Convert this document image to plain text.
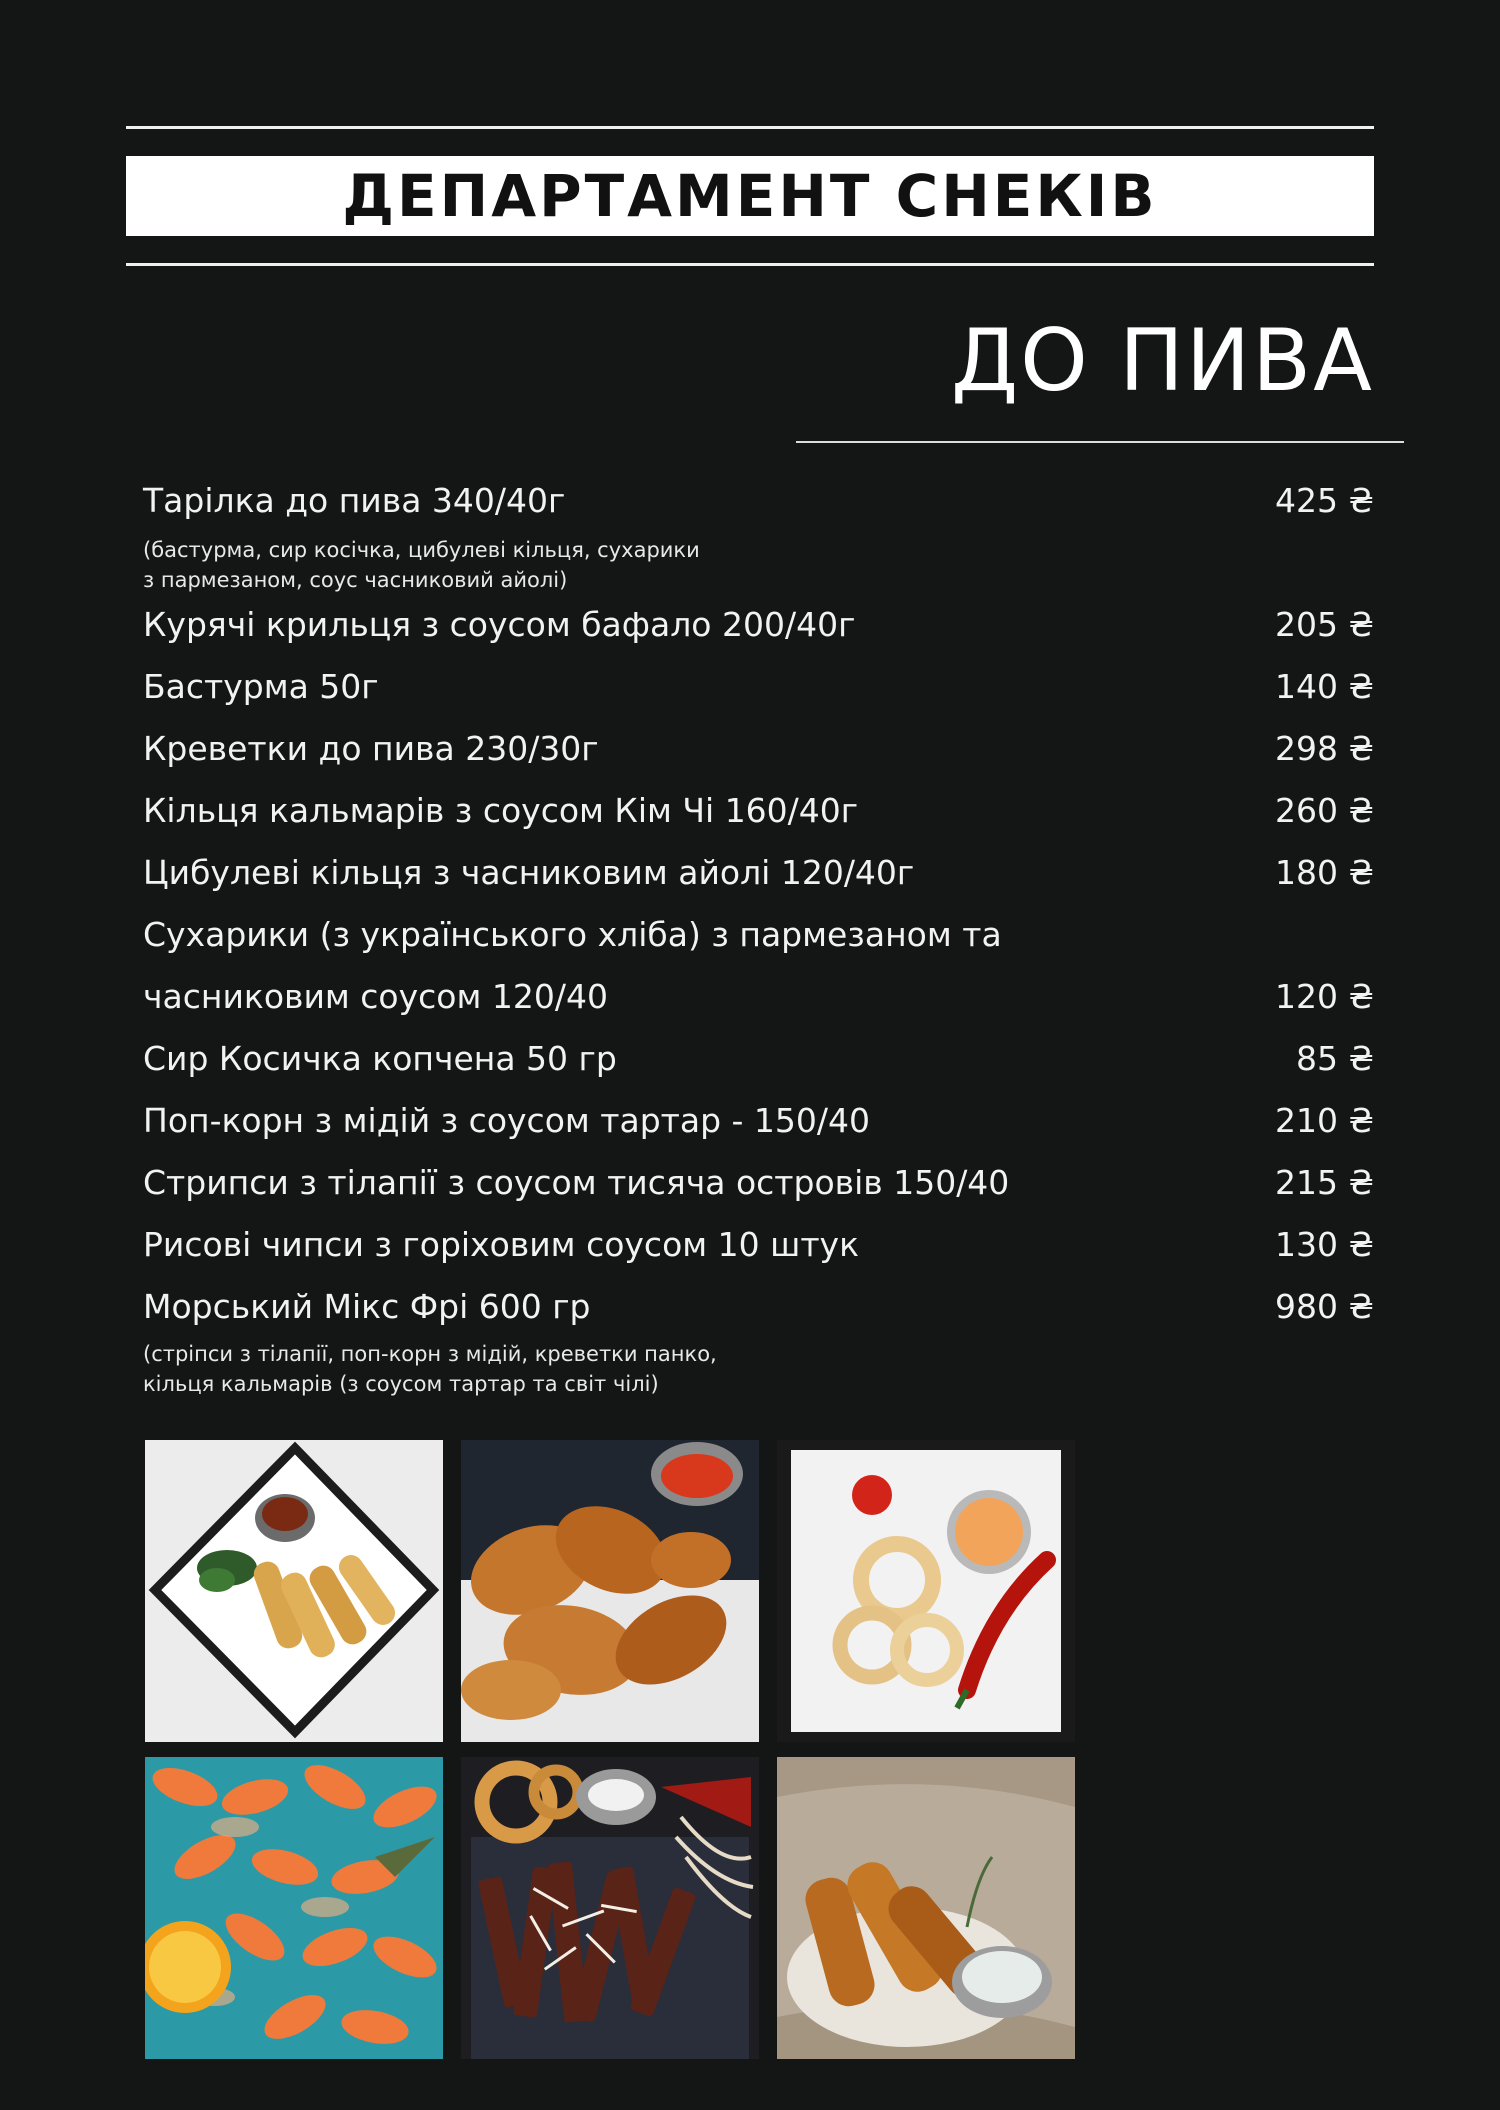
ДЕПАРТАМЕНТ СНЕКІВ
ДО ПИВА
Тарілка до пива 340/40г	425 ₴
(бастурма, сир косічка, цибулеві кільця, сухарики
з пармезаном, соус часниковий айолі)
Курячі крильця з соусом бафало 200/40г	205 ₴
Бастурма 50г	140 ₴
Креветки до пива 230/30г	298 ₴
Кільця кальмарів з соусом Кім Чі 160/40г	260 ₴
Цибулеві кільця з часниковим айолі 120/40г	180 ₴
Сухарики (з українського хліба) з пармезаном та
часниковим соусом 120/40	120 ₴
Сир Косичка копчена 50 гр	85 ₴
Поп-корн з мідій з соусом тартар - 150/40	210 ₴
Стрипси з тілапії з соусом тисяча островів 150/40	215 ₴
Рисові чипси з горіховим соусом 10 штук	130 ₴
Морський Мікс Фрі 600 гр	980 ₴
(стріпси з тілапії, поп-корн з мідій, креветки панко,
кільця кальмарів (з соусом тартар та світ чілі)
